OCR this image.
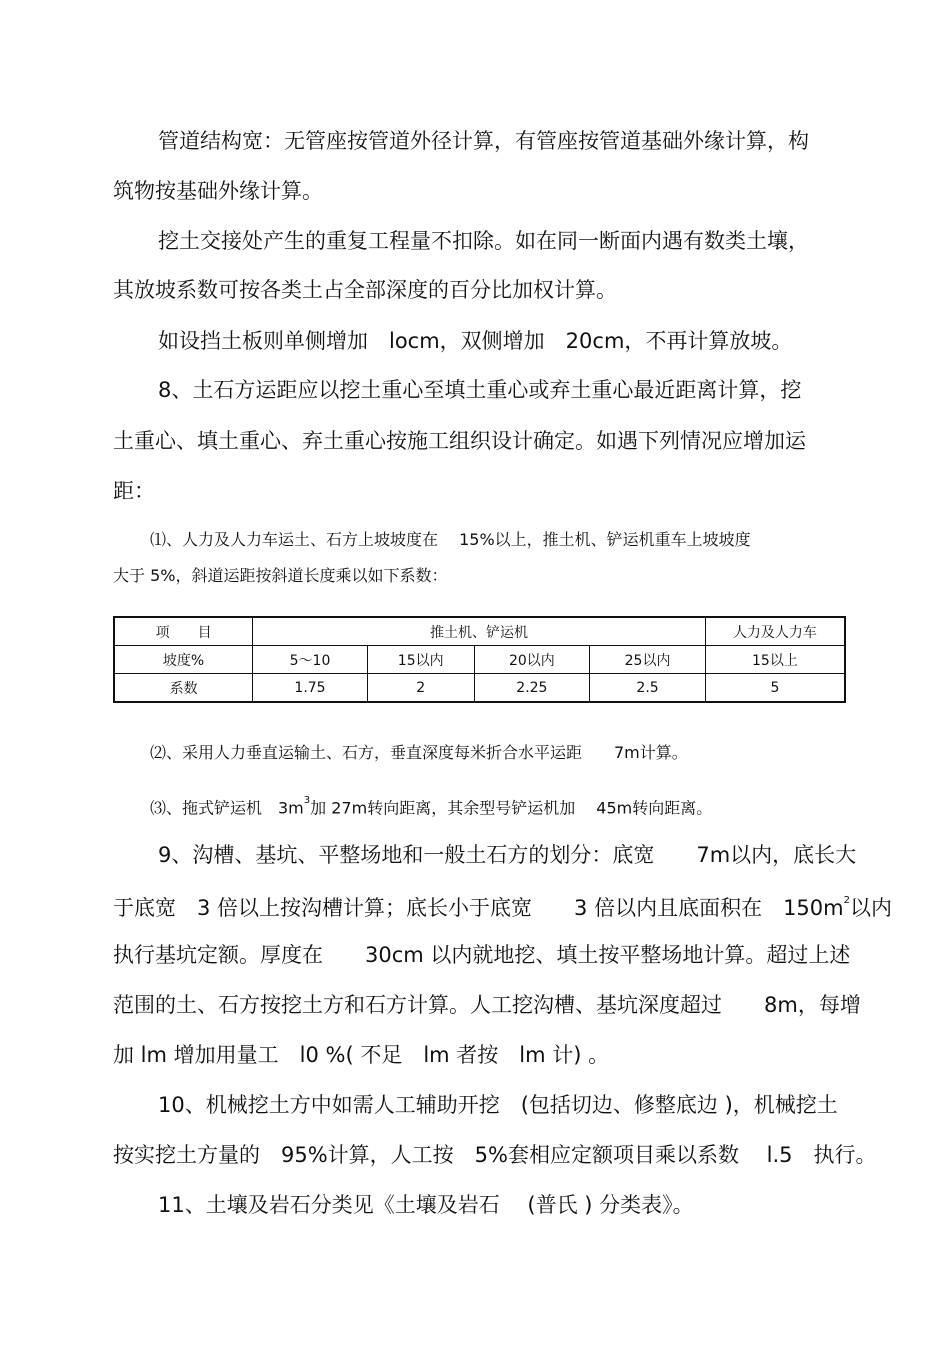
管道结构宽：无管座按管道外径计算，有管座按管道基础外缘计算，构
筑物按基础外缘计算。
挖土交接处产生的重复工程量不扣除。如在同一断面内遇有数类土壤，
其放坡系数可按各类土占全部深度的百分比加权计算。
如设挡土板则单侧增加　locm，双侧增加　20cm，不再计算放坡。
8、土石方运距应以挖土重心至填土重心或弃土重心最近距离计算，挖
土重心、填土重心、弃土重心按施工组织设计确定。如遇下列情况应增加运
距：
⑴、人力及人力车运土、石方上坡坡度在　 15%以上，推土机、铲运机重车上坡坡度
大于 5%，斜道运距按斜道长度乘以如下系数：
项　　目	推土机、铲运机				人力及人力车
坡度%	5～10	15以内	20以内	25以内	15以上
系数	1.75	2	2.25	2.5	5
⑵、采用人力垂直运输土、石方，垂直深度每米折合水平运距　　7m计算。
⑶、拖式铲运机　$3m^3$加 27m转向距离，其余型号铲运机加　 45m转向距离。
9、沟槽、基坑、平整场地和一般土石方的划分：底宽　　7m以内，底长大
于底宽　3 倍以上按沟槽计算；底长小于底宽　　3 倍以内且底面积在　$150m^2$以内
执行基坑定额。厚度在　　30cm 以内就地挖、填土按平整场地计算。超过上述
范围的土、石方按挖土方和石方计算。人工挖沟槽、基坑深度超过　　8m，每增
加 lm 增加用量工　l0 %( 不足　lm 者按　lm 计) 。
10、机械挖土方中如需人工辅助开挖　(包括切边、修整底边 )，机械挖土
按实挖土方量的　95%计算，人工按　5%套相应定额项目乘以系数　 l.5　执行。
11、土壤及岩石分类见《土壤及岩石　 (普氏 ) 分类表》。
